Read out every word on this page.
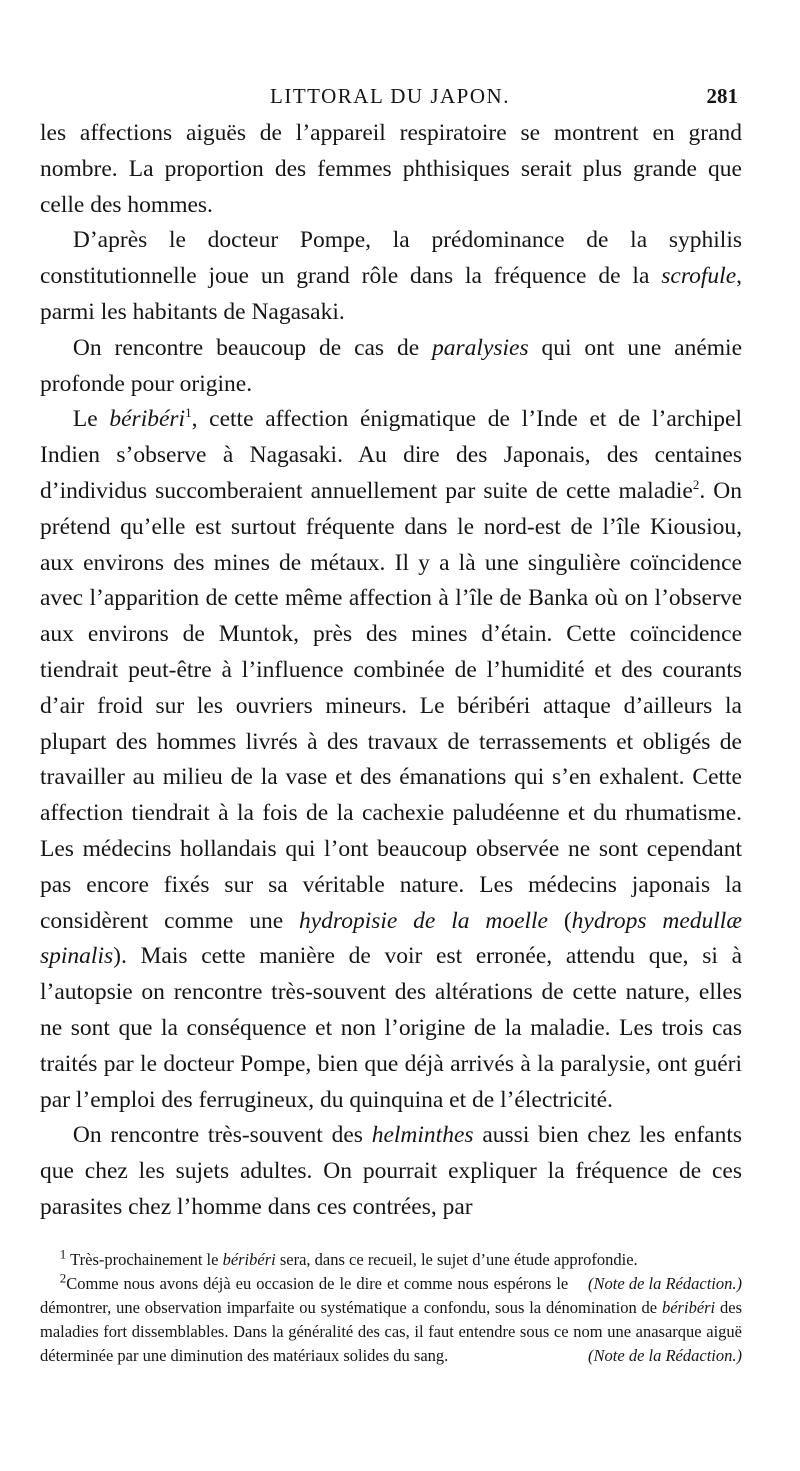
LITTORAL DU JAPON.	281

les affections aiguës de l’appareil respiratoire se montrent en grand nombre. La proportion des femmes phthisiques serait plus grande que celle des hommes.

D’après le docteur Pompe, la prédominance de la syphilis constitutionnelle joue un grand rôle dans la fréquence de la scrofule, parmi les habitants de Nagasaki.

On rencontre beaucoup de cas de paralysies qui ont une anémie profonde pour origine.

Le béribéri$^1$, cette affection énigmatique de l’Inde et de l’archipel Indien s’observe à Nagasaki. Au dire des Japonais, des centaines d’individus succomberaient annuellement par suite de cette maladie$^2$. On prétend qu’elle est surtout fréquente dans le nord-est de l’île Kiousiou, aux environs des mines de métaux. Il y a là une singulière coïncidence avec l’apparition de cette même affection à l’île de Banka où on l’observe aux environs de Muntok, près des mines d’étain. Cette coïncidence tiendrait peut-être à l’influence combinée de l’humidité et des courants d’air froid sur les ouvriers mineurs. Le béribéri attaque d’ailleurs la plupart des hommes livrés à des travaux de terrassements et obligés de travailler au milieu de la vase et des émanations qui s’en exhalent. Cette affection tiendrait à la fois de la cachexie paludéenne et du rhumatisme. Les médecins hollandais qui l’ont beaucoup observée ne sont cependant pas encore fixés sur sa véritable nature. Les médecins japonais la considèrent comme une hydropisie de la moelle (hydrops medullæ spinalis). Mais cette manière de voir est erronée, attendu que, si à l’autopsie on rencontre très-souvent des altérations de cette nature, elles ne sont que la conséquence et non l’origine de la maladie. Les trois cas traités par le docteur Pompe, bien que déjà arrivés à la paralysie, ont guéri par l’emploi des ferrugineux, du quinquina et de l’électricité.

On rencontre très-souvent des helminthes aussi bien chez les enfants que chez les sujets adultes. On pourrait expliquer la fréquence de ces parasites chez l’homme dans ces contrées, par

$^1$ Très-prochainement le béribéri sera, dans ce recueil, le sujet d’une étude approfondie.
(Note de la Rédaction.)

$^2$Comme nous avons déjà eu occasion de le dire et comme nous espérons le démontrer, une observation imparfaite ou systématique a confondu, sous la dénomination de béribéri des maladies fort dissemblables. Dans la généralité des cas, il faut entendre sous ce nom une anasarque aiguë déterminée par une diminution des matériaux solides du sang.	(Note de la Rédaction.)
